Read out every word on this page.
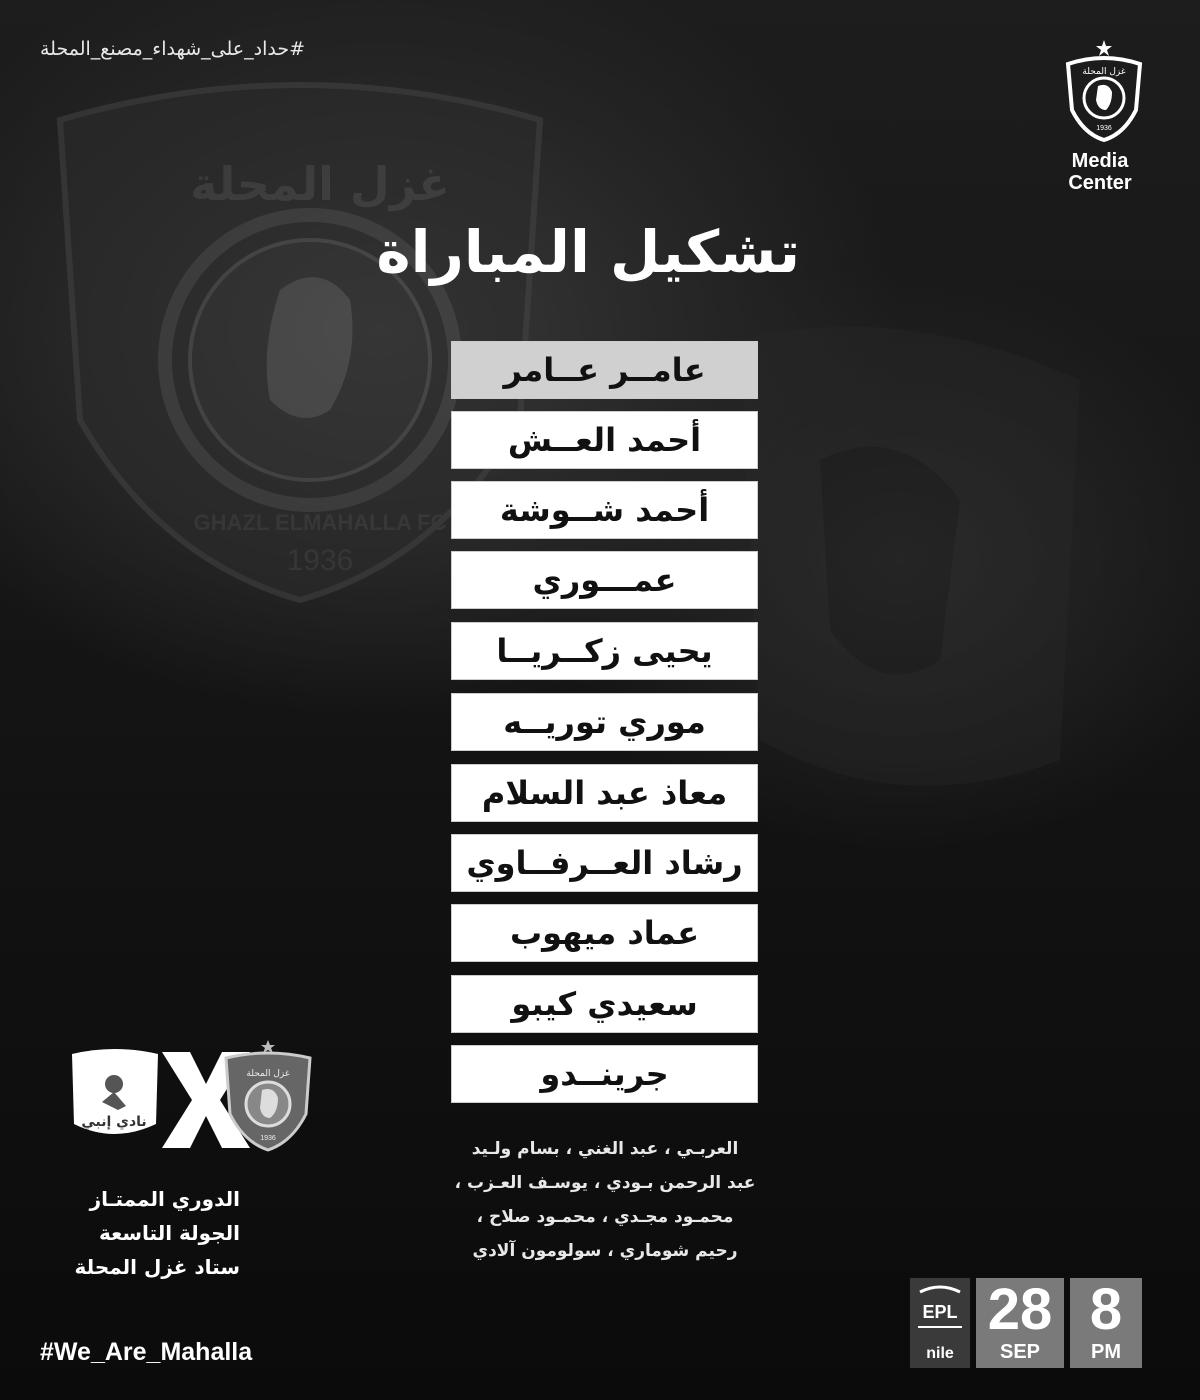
غزل المحلة
GHAZL ELMAHALLA FC
1936
#حداد_على_شهداء_مصنع_المحلة
غزل المحلة
1936
Media
Center
تشكيل المباراة
عامــر عــامر
أحمد العــش
أحمد شــوشة
عمـــوري
يحيى زكــريــا
موري توريــه
معاذ عبد السلام
رشاد العــرفــاوي
عماد ميهوب
سعيدي كيبو
جرينــدو
العربـي ، عبد الغني ، بسام ولـيد
عبد الرحمن بـودي ، يوسـف العـزب ،
محمـود مجـدي ، محمـود صلاح ،
رحيم شوماري ، سولومون آلادي
نادي إنبي
غزل المحلة
1936
الدوري الممتـاز
الجولة التاسعة
ستاد غزل المحلة
#We_Are_Mahalla
EPL
nile
28
SEP
8
PM
